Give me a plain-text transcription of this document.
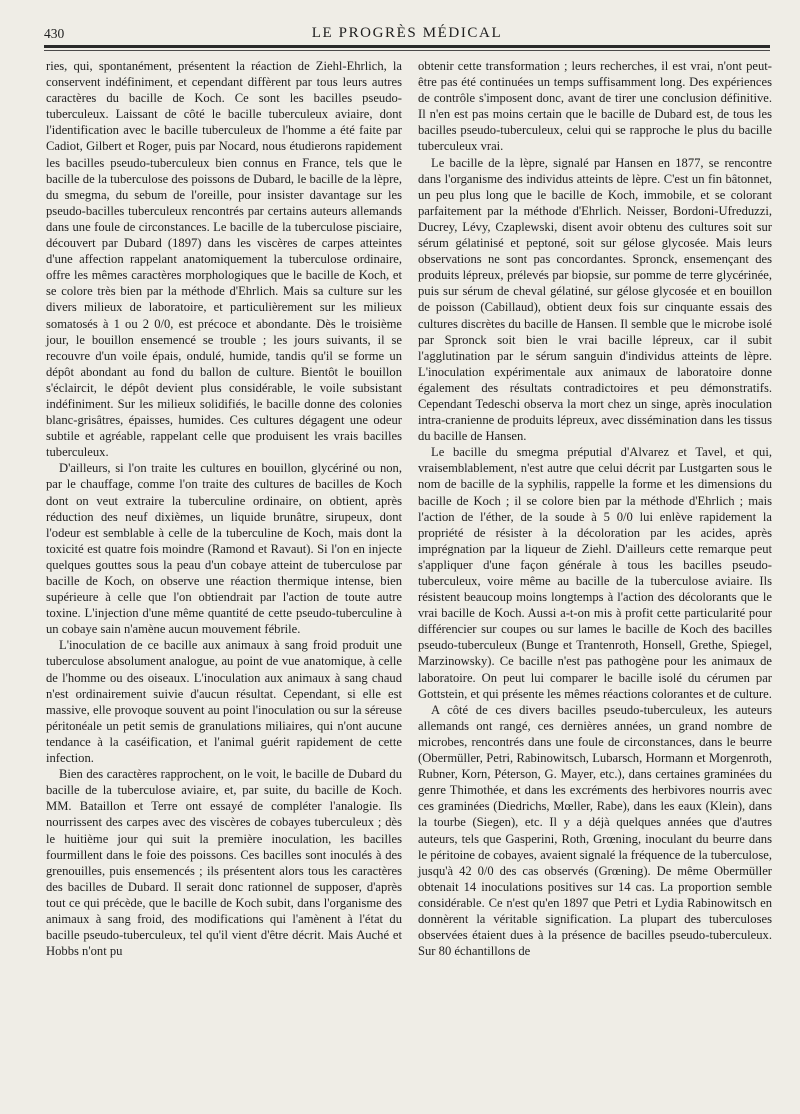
430	LE PROGRÈS MÉDICAL

ries, qui, spontanément, présentent la réaction de Ziehl-Ehrlich, la conservent indéfiniment, et cependant diffèrent par tous leurs autres caractères du bacille de Koch. Ce sont les bacilles pseudo-tuberculeux. Laissant de côté le bacille tuberculeux aviaire, dont l'identification avec le bacille tuberculeux de l'homme a été faite par Cadiot, Gilbert et Roger, puis par Nocard, nous étudierons rapidement les bacilles pseudo-tuberculeux bien connus en France, tels que le bacille de la tuberculose des poissons de Dubard, le bacille de la lèpre, du smegma, du sebum de l'oreille, pour insister davantage sur les pseudo-bacilles tuberculeux rencontrés par certains auteurs allemands dans une foule de circonstances. Le bacille de la tuberculose pisciaire, découvert par Dubard (1897) dans les viscères de carpes atteintes d'une affection rappelant anatomiquement la tuberculose ordinaire, offre les mêmes caractères morphologiques que le bacille de Koch, et se colore très bien par la méthode d'Ehrlich. Mais sa culture sur les divers milieux de laboratoire, et particulièrement sur les milieux somatosés à 1 ou 2 0/0, est précoce et abondante. Dès le troisième jour, le bouillon ensemencé se trouble ; les jours suivants, il se recouvre d'un voile épais, ondulé, humide, tandis qu'il se forme un dépôt abondant au fond du ballon de culture. Bientôt le bouillon s'éclaircit, le dépôt devient plus considérable, le voile subsistant indéfiniment. Sur les milieux solidifiés, le bacille donne des colonies blanc-grisâtres, épaisses, humides. Ces cultures dégagent une odeur subtile et agréable, rappelant celle que produisent les vrais bacilles tuberculeux.

D'ailleurs, si l'on traite les cultures en bouillon, glycériné ou non, par le chauffage, comme l'on traite des cultures de bacilles de Koch dont on veut extraire la tuberculine ordinaire, on obtient, après réduction des neuf dixièmes, un liquide brunâtre, sirupeux, dont l'odeur est semblable à celle de la tuberculine de Koch, mais dont la toxicité est quatre fois moindre (Ramond et Ravaut). Si l'on en injecte quelques gouttes sous la peau d'un cobaye atteint de tuberculose par bacille de Koch, on observe une réaction thermique intense, bien supérieure à celle que l'on obtiendrait par l'action de toute autre toxine. L'injection d'une même quantité de cette pseudo-tuberculine à un cobaye sain n'amène aucun mouvement fébrile.

L'inoculation de ce bacille aux animaux à sang froid produit une tuberculose absolument analogue, au point de vue anatomique, à celle de l'homme ou des oiseaux. L'inoculation aux animaux à sang chaud n'est ordinairement suivie d'aucun résultat. Cependant, si elle est massive, elle provoque souvent au point l'inoculation ou sur la séreuse péritonéale un petit semis de granulations miliaires, qui n'ont aucune tendance à la caséification, et l'animal guérit rapidement de cette infection.

Bien des caractères rapprochent, on le voit, le bacille de Dubard du bacille de la tuberculose aviaire, et, par suite, du bacille de Koch. MM. Bataillon et Terre ont essayé de compléter l'analogie. Ils nourrissent des carpes avec des viscères de cobayes tuberculeux ; dès le huitième jour qui suit la première inoculation, les bacilles fourmillent dans le foie des poissons. Ces bacilles sont inoculés à des grenouilles, puis ensemencés ; ils présentent alors tous les caractères des bacilles de Dubard. Il serait donc rationnel de supposer, d'après tout ce qui précède, que le bacille de Koch subit, dans l'organisme des animaux à sang froid, des modifications qui l'amènent à l'état du bacille pseudo-tuberculeux, tel qu'il vient d'être décrit. Mais Auché et Hobbs n'ont pu

obtenir cette transformation ; leurs recherches, il est vrai, n'ont peut-être pas été continuées un temps suffisamment long. Des expériences de contrôle s'imposent donc, avant de tirer une conclusion définitive. Il n'en est pas moins certain que le bacille de Dubard est, de tous les bacilles pseudo-tuberculeux, celui qui se rapproche le plus du bacille tuberculeux vrai.

Le bacille de la lèpre, signalé par Hansen en 1877, se rencontre dans l'organisme des individus atteints de lèpre. C'est un fin bâtonnet, un peu plus long que le bacille de Koch, immobile, et se colorant parfaitement par la méthode d'Ehrlich. Neisser, Bordoni-Ufreduzzi, Ducrey, Lévy, Czaplewski, disent avoir obtenu des cultures soit sur sérum gélatinisé et peptoné, soit sur gélose glycosée. Mais leurs observations ne sont pas concordantes. Spronck, ensemençant des produits lépreux, prélevés par biopsie, sur pomme de terre glycérinée, puis sur sérum de cheval gélatiné, sur gélose glycosée et en bouillon de poisson (Cabillaud), obtient deux fois sur cinquante essais des cultures discrètes du bacille de Hansen. Il semble que le microbe isolé par Spronck soit bien le vrai bacille lépreux, car il subit l'agglutination par le sérum sanguin d'individus atteints de lèpre. L'inoculation expérimentale aux animaux de laboratoire donne également des résultats contradictoires et peu démonstratifs. Cependant Tedeschi observa la mort chez un singe, après inoculation intra-cranienne de produits lépreux, avec dissémination dans les tissus du bacille de Hansen.

Le bacille du smegma préputial d'Alvarez et Tavel, et qui, vraisemblablement, n'est autre que celui décrit par Lustgarten sous le nom de bacille de la syphilis, rappelle la forme et les dimensions du bacille de Koch ; il se colore bien par la méthode d'Ehrlich ; mais l'action de l'éther, de la soude à 5 0/0 lui enlève rapidement la propriété de résister à la décoloration par les acides, après imprégnation par la liqueur de Ziehl. D'ailleurs cette remarque peut s'appliquer d'une façon générale à tous les bacilles pseudo-tuberculeux, voire même au bacille de la tuberculose aviaire. Ils résistent beaucoup moins longtemps à l'action des décolorants que le vrai bacille de Koch. Aussi a-t-on mis à profit cette particularité pour différencier sur coupes ou sur lames le bacille de Koch des bacilles pseudo-tuberculeux (Bunge et Trantenroth, Honsell, Grethe, Spiegel, Marzinowsky). Ce bacille n'est pas pathogène pour les animaux de laboratoire. On peut lui comparer le bacille isolé du cérumen par Gottstein, et qui présente les mêmes réactions colorantes et de culture.

A côté de ces divers bacilles pseudo-tuberculeux, les auteurs allemands ont rangé, ces dernières années, un grand nombre de microbes, rencontrés dans une foule de circonstances, dans le beurre (Obermüller, Petri, Rabinowitsch, Lubarsch, Hormann et Morgenroth, Rubner, Korn, Péterson, G. Mayer, etc.), dans certaines graminées du genre Thimothée, et dans les excréments des herbivores nourris avec ces graminées (Diedrichs, Mœller, Rabe), dans les eaux (Klein), dans la tourbe (Siegen), etc. Il y a déjà quelques années que d'autres auteurs, tels que Gasperini, Roth, Grœning, inoculant du beurre dans le péritoine de cobayes, avaient signalé la fréquence de la tuberculose, jusqu'à 42 0/0 des cas observés (Grœning). De même Obermüller obtenait 14 inoculations positives sur 14 cas. La proportion semble considérable. Ce n'est qu'en 1897 que Petri et Lydia Rabinowitsch en donnèrent la véritable signification. La plupart des tuberculoses observées étaient dues à la présence de bacilles pseudo-tuberculeux. Sur 80 échantillons de
